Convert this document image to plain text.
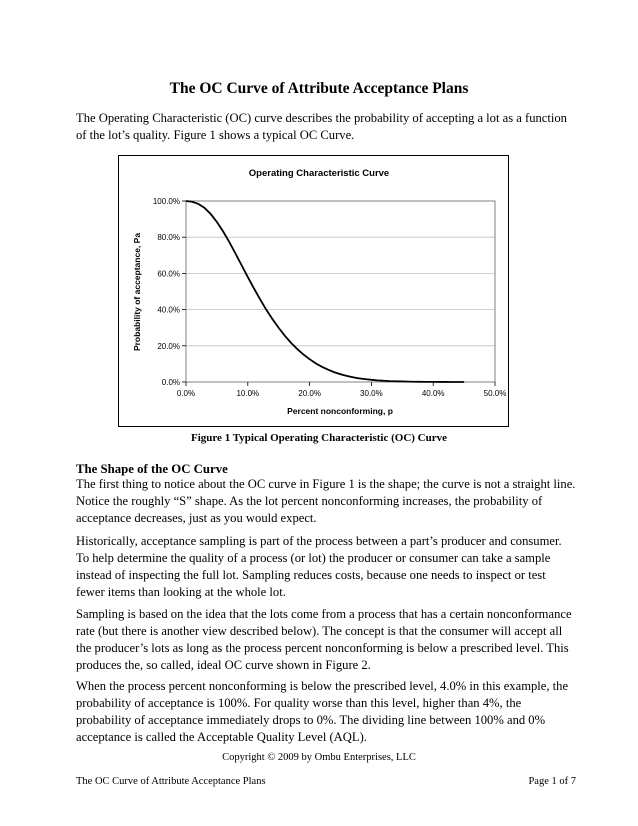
The OC Curve of Attribute Acceptance Plans

The Operating Characteristic (OC) curve describes the probability of accepting a lot as a function of the lot’s quality. Figure 1 shows a typical OC Curve.

Operating Characteristic Curve
0.0%
20.0%
40.0%
60.0%
80.0%
100.0%
0.0%	10.0%	20.0%	30.0%	40.0%	50.0%
Percent nonconforming, p
Probability of acceptance, Pa
Figure 1 Typical Operating Characteristic (OC) Curve
The Shape of the OC Curve

The first thing to notice about the OC curve in Figure 1 is the shape; the curve is not a straight line. Notice the roughly “S” shape. As the lot percent nonconforming increases, the probability of acceptance decreases, just as you would expect.

Historically, acceptance sampling is part of the process between a part’s producer and consumer. To help determine the quality of a process (or lot) the producer or consumer can take a sample instead of inspecting the full lot. Sampling reduces costs, because one needs to inspect or test fewer items than looking at the whole lot.

Sampling is based on the idea that the lots come from a process that has a certain nonconformance rate (but there is another view described below). The concept is that the consumer will accept all the producer’s lots as long as the process percent nonconforming is below a prescribed level. This produces the, so called, ideal OC curve shown in Figure 2.

When the process percent nonconforming is below the prescribed level, 4.0% in this example, the probability of acceptance is 100%. For quality worse than this level, higher than 4%, the probability of acceptance immediately drops to 0%. The dividing line between 100% and 0% acceptance is called the Acceptable Quality Level (AQL).

Copyright © 2009 by Ombu Enterprises, LLC
The OC Curve of Attribute Acceptance Plans	Page 1 of 7
